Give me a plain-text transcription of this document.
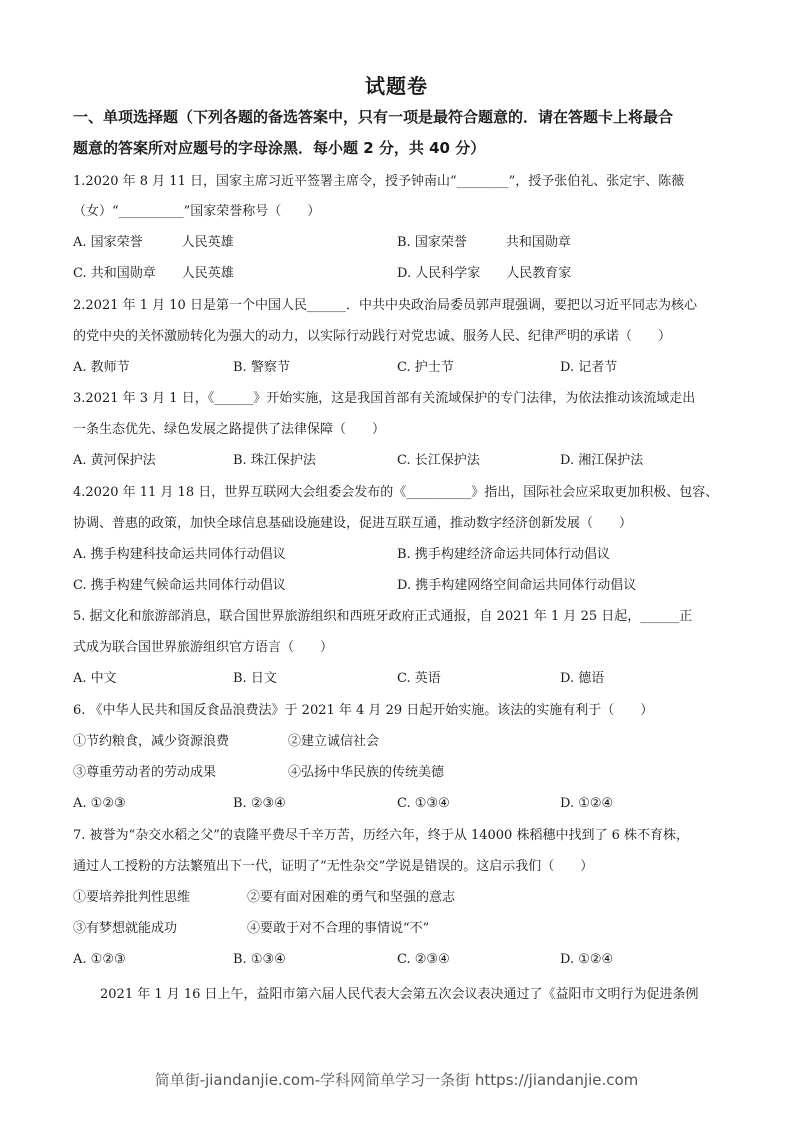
试题卷
一、单项选择题（下列各题的备选答案中，只有一项是最符合题意的．请在答题卡上将最合
题意的答案所对应题号的字母涂黑．每小题 2 分，共 40 分）
1.2020 年 8 月 11 日，国家主席习近平签署主席令，授予钟南山“________”，授予张伯礼、张定宇、陈薇
（女）“__________”国家荣誉称号（　　）
A. 国家荣誉　　　人民英雄	B. 国家荣誉　　　共和国勋章
C. 共和国勋章　　人民英雄	D. 人民科学家　　人民教育家
2.2021 年 1 月 10 日是第一个中国人民______．中共中央政治局委员郭声琨强调，要把以习近平同志为核心
的党中央的关怀激励转化为强大的动力，以实际行动践行对党忠诚、服务人民、纪律严明的承诺（　　）
A. 教师节	B. 警察节	C. 护士节	D. 记者节
3.2021 年 3 月 1 日，《______》开始实施，这是我国首部有关流域保护的专门法律，为依法推动该流域走出
一条生态优先、绿色发展之路提供了法律保障（　　）
A. 黄河保护法	B. 珠江保护法	C. 长江保护法	D. 湘江保护法
4.2020 年 11 月 18 日，世界互联网大会组委会发布的《__________》指出，国际社会应采取更加积极、包容、
协调、普惠的政策，加快全球信息基础设施建设，促进互联互通，推动数字经济创新发展（　　）
A. 携手构建科技命运共同体行动倡议	B. 携手构建经济命运共同体行动倡议
C. 携手构建气候命运共同体行动倡议	D. 携手构建网络空间命运共同体行动倡议
5. 据文化和旅游部消息，联合国世界旅游组织和西班牙政府正式通报，自 2021 年 1 月 25 日起，______正
式成为联合国世界旅游组织官方语言（　　）
A. 中文	B. 日文	C. 英语	D. 德语
6. 《中华人民共和国反食品浪费法》于 2021 年 4 月 29 日起开始实施。该法的实施有利于（　　）
①节约粮食，减少资源浪费	②建立诚信社会
③尊重劳动者的劳动成果	④弘扬中华民族的传统美德
A. ①②③	B. ②③④	C. ①③④	D. ①②④
7. 被誉为“杂交水稻之父”的袁隆平费尽千辛万苦，历经六年，终于从 14000 株稻穗中找到了 6 株不育株，
通过人工授粉的方法繁殖出下一代，证明了“无性杂交”学说是错误的。这启示我们（　　）
①要培养批判性思维	②要有面对困难的勇气和坚强的意志
③有梦想就能成功	④要敢于对不合理的事情说“不”
A. ①②③	B. ①③④	C. ②③④	D. ①②④
2021 年 1 月 16 日上午，益阳市第六届人民代表大会第五次会议表决通过了《益阳市文明行为促进条例
简单街-jiandanjie.com-学科网简单学习一条街 https://jiandanjie.com
